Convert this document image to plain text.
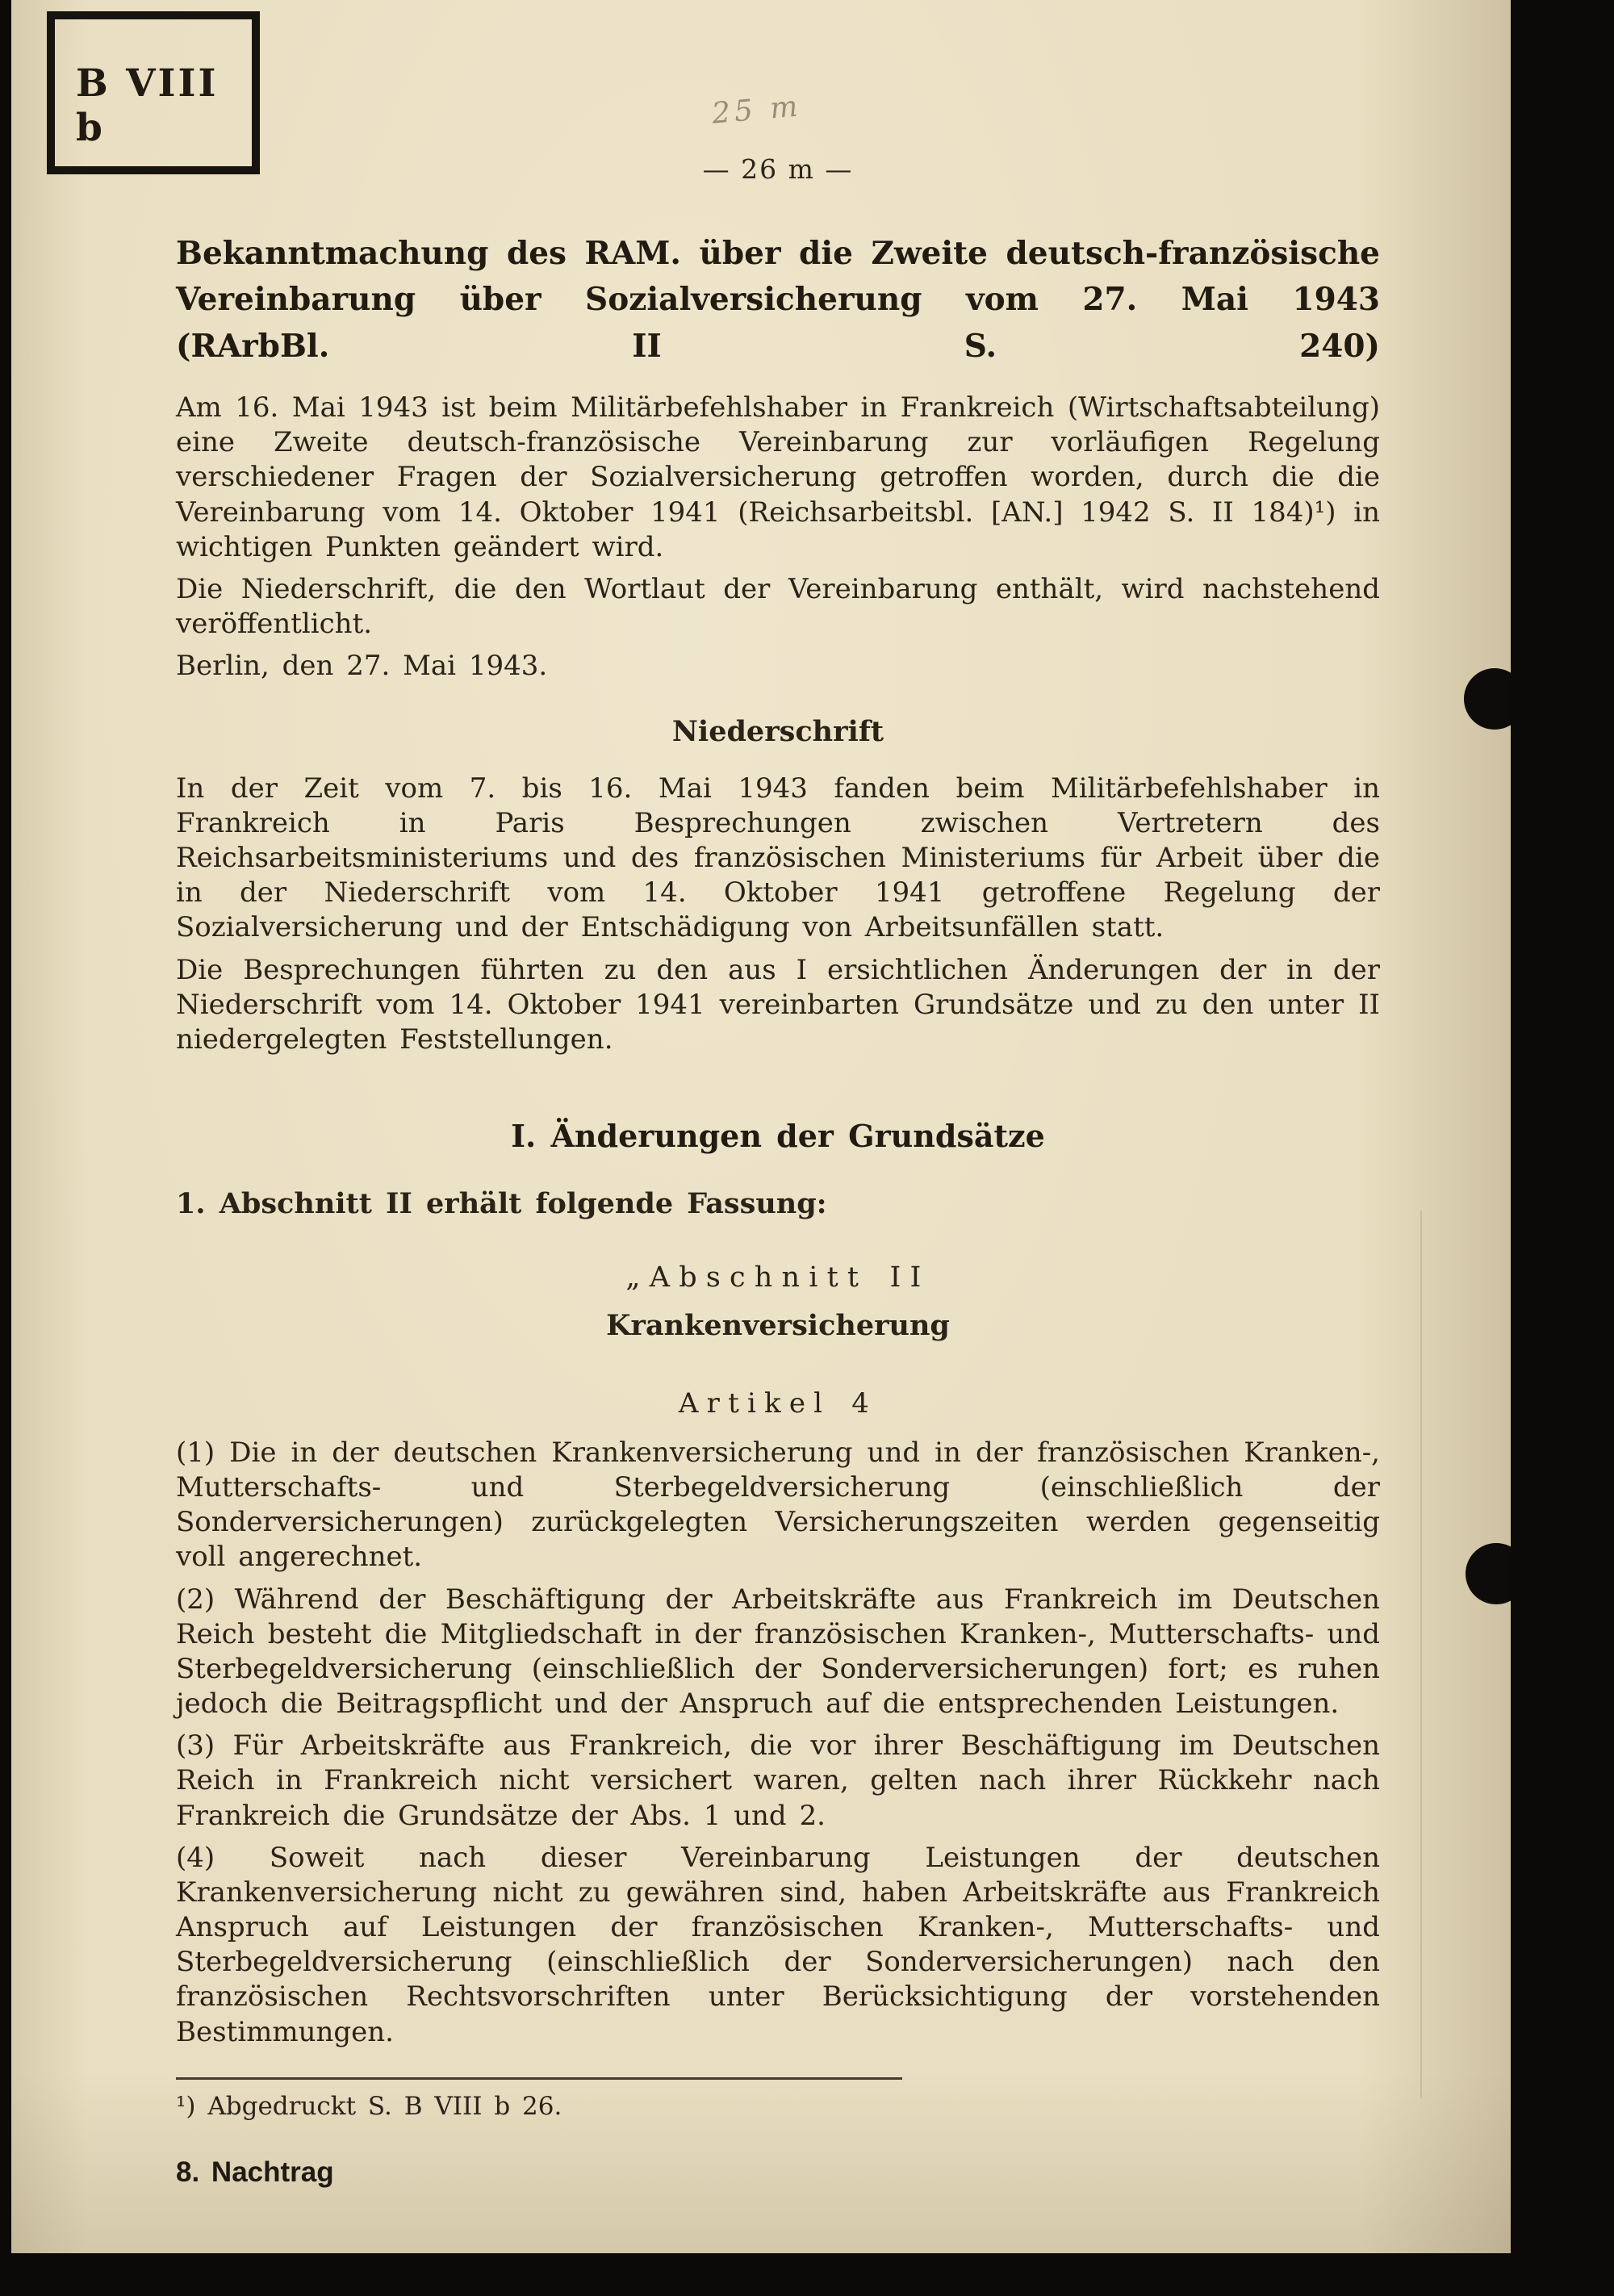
B VIII b	25 m
— 26 m —
Bekanntmachung des RAM. über die Zweite deutsch-französische Vereinbarung über Sozialversicherung vom 27. Mai 1943 (RArbBl. II S. 240)

Am 16. Mai 1943 ist beim Militärbefehlshaber in Frankreich (Wirtschaftsabteilung) eine Zweite deutsch-französische Vereinbarung zur vorläufigen Regelung verschiedener Fragen der Sozialversicherung getroffen worden, durch die die Vereinbarung vom 14. Oktober 1941 (Reichsarbeitsbl. [AN.] 1942 S. II 184)¹) in wichtigen Punkten geändert wird.

Die Niederschrift, die den Wortlaut der Vereinbarung enthält, wird nachstehend veröffentlicht.

Berlin, den 27. Mai 1943.

Niederschrift

In der Zeit vom 7. bis 16. Mai 1943 fanden beim Militärbefehlshaber in Frankreich in Paris Besprechungen zwischen Vertretern des Reichsarbeitsministeriums und des französischen Ministeriums für Arbeit über die in der Niederschrift vom 14. Oktober 1941 getroffene Regelung der Sozialversicherung und der Entschädigung von Arbeitsunfällen statt.

Die Besprechungen führten zu den aus I ersichtlichen Änderungen der in der Niederschrift vom 14. Oktober 1941 vereinbarten Grundsätze und zu den unter II niedergelegten Feststellungen.

I. Änderungen der Grundsätze
1. Abschnitt II erhält folgende Fassung:
„Abschnitt II
Krankenversicherung
Artikel 4

(1) Die in der deutschen Krankenversicherung und in der französischen Kranken-, Mutterschafts- und Sterbegeldversicherung (einschließlich der Sonderversicherungen) zurückgelegten Versicherungszeiten werden gegenseitig voll angerechnet.

(2) Während der Beschäftigung der Arbeitskräfte aus Frankreich im Deutschen Reich besteht die Mitgliedschaft in der französischen Kranken-, Mutterschafts- und Sterbegeldversicherung (einschließlich der Sonderversicherungen) fort; es ruhen jedoch die Beitragspflicht und der Anspruch auf die entsprechenden Leistungen.

(3) Für Arbeitskräfte aus Frankreich, die vor ihrer Beschäftigung im Deutschen Reich in Frankreich nicht versichert waren, gelten nach ihrer Rückkehr nach Frankreich die Grundsätze der Abs. 1 und 2.

(4) Soweit nach dieser Vereinbarung Leistungen der deutschen Krankenversicherung nicht zu gewähren sind, haben Arbeitskräfte aus Frankreich Anspruch auf Leistungen der französischen Kranken-, Mutterschafts- und Sterbegeldversicherung (einschließlich der Sonderversicherungen) nach den französischen Rechtsvorschriften unter Berücksichtigung der vorstehenden Bestimmungen.

¹) Abgedruckt S. B VIII b 26.

8. Nachtrag
